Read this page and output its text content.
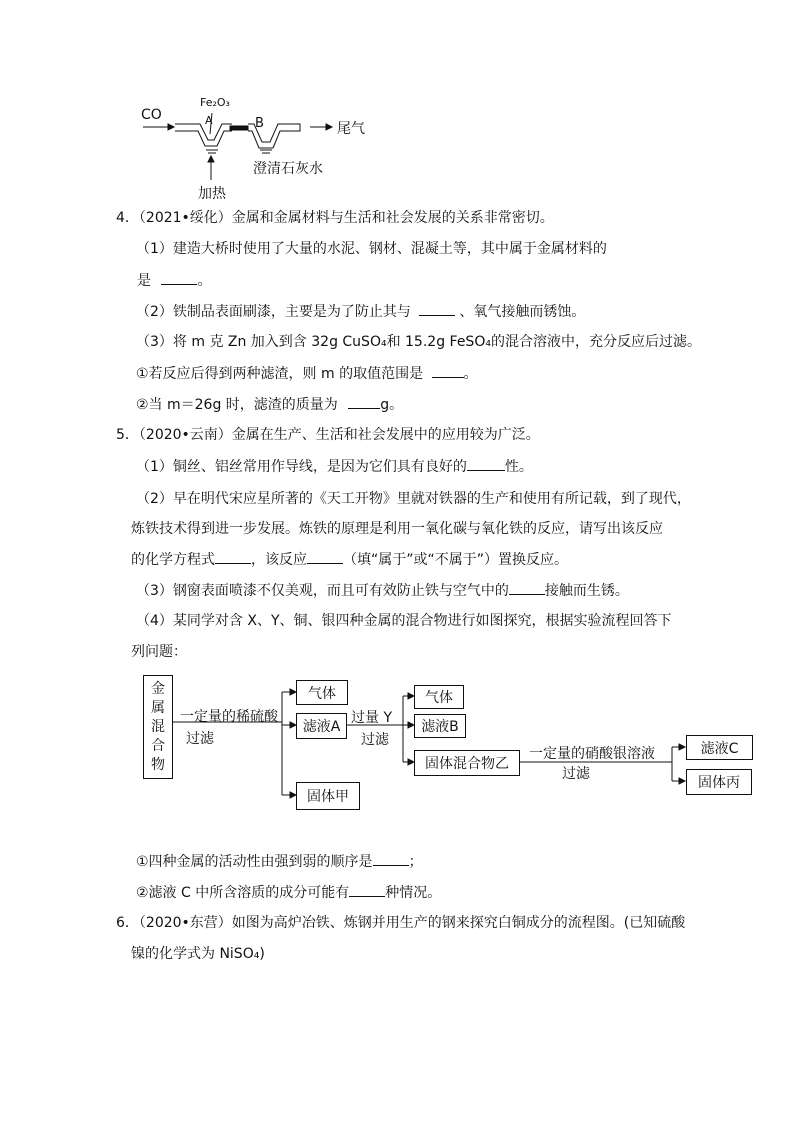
CO
Fe₂O₃
A	B	尾气
澄清石灰水
加热
4．（2021•绥化）金属和金属材料与生活和社会发展的关系非常密切。
（1）建造大桥时使用了大量的水泥、钢材、混凝土等，其中属于金属材料的
是	。
（2）铁制品表面刷漆，主要是为了防止其与	、氧气接触而锈蚀。
（3）将 m 克 Zn 加入到含 32g CuSO₄和 15.2g FeSO₄的混合溶液中，充分反应后过滤。
①若反应后得到两种滤渣，则 m 的取值范围是	。
②当 m＝26g 时，滤渣的质量为	g。
5．（2020•云南）金属在生产、生活和社会发展中的应用较为广泛。
（1）铜丝、铝丝常用作导线，是因为它们具有良好的	性。
（2）早在明代宋应星所著的《天工开物》里就对铁器的生产和使用有所记载，到了现代，
炼铁技术得到进一步发展。炼铁的原理是利用一氧化碳与氧化铁的反应，请写出该反应
的化学方程式	，该反应	（填“属于”或“不属于”）置换反应。
（3）钢窗表面喷漆不仅美观，而且可有效防止铁与空气中的	接触而生锈。
（4）某同学对含 X、Y、铜、银四种金属的混合物进行如图探究，根据实验流程回答下
列问题：
金
属
混
合
物
一定量的稀硫酸
过滤
气体
滤液A
固体甲
过量 Y
过滤
气体
滤液B
固体混合物乙
一定量的硝酸银溶液
过滤
滤液C
固体丙
①四种金属的活动性由强到弱的顺序是	；
②滤液 C 中所含溶质的成分可能有	种情况。
6．（2020•东营）如图为高炉冶铁、炼钢并用生产的钢来探究白铜成分的流程图。(已知硫酸
镍的化学式为 NiSO₄)
